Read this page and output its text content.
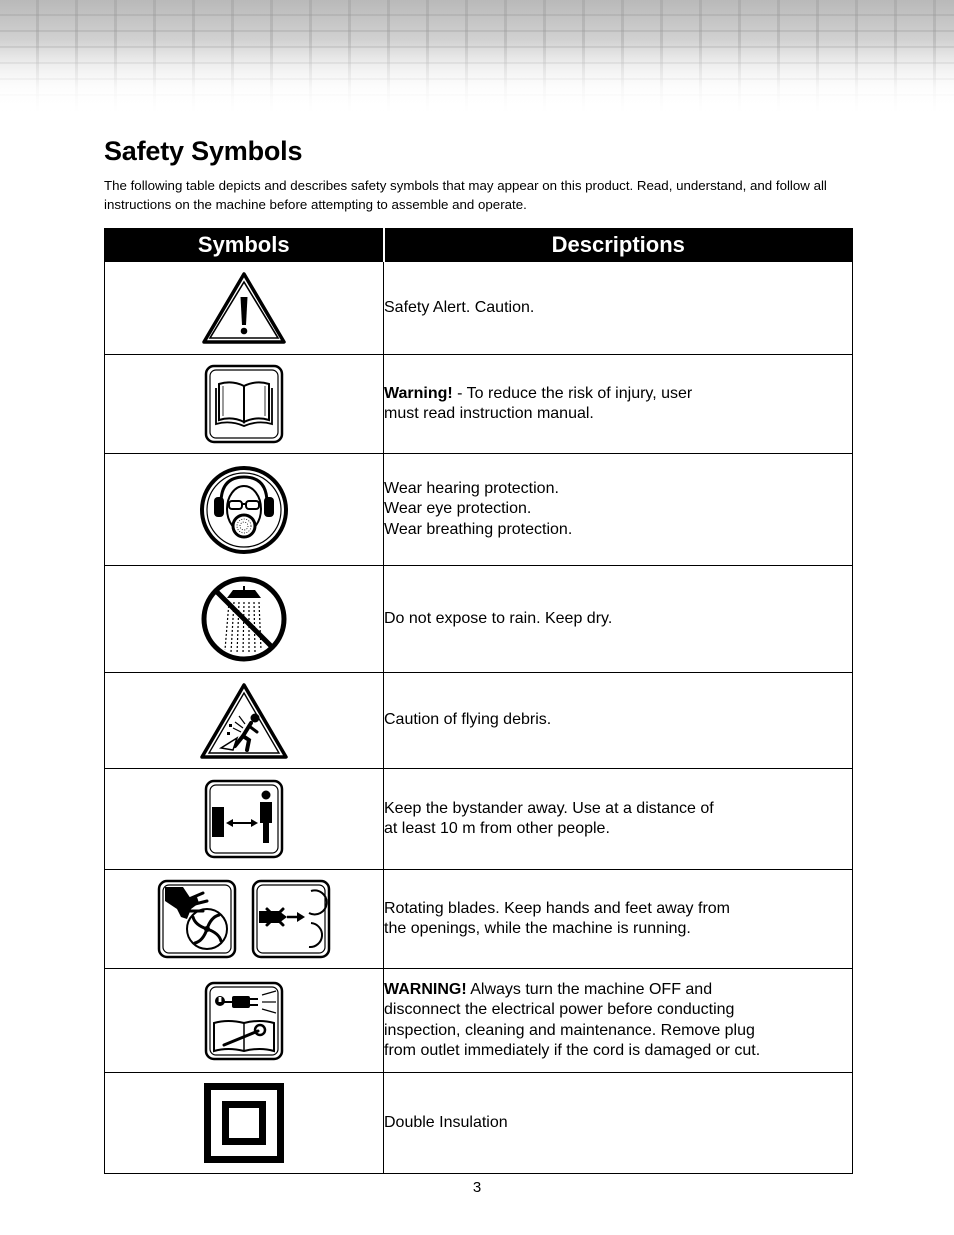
Safety Symbols

The following table depicts and describes safety symbols that may appear on this product. Read, understand, and follow all instructions on the machine before attempting to assemble and operate.

Symbols	Descriptions

Safety Alert. Caution.

Warning! - To reduce the risk of injury, user
must read instruction manual.

Wear hearing protection.
Wear eye protection.
Wear breathing protection.

Do not expose to rain. Keep dry.

Caution of flying debris.

Keep the bystander away. Use at a distance of
at least 10 m from other people.

Rotating blades. Keep hands and feet away from
the openings, while the machine is running.

WARNING! Always turn the machine OFF and
disconnect the electrical power before conducting
inspection, cleaning and maintenance. Remove plug
from outlet immediately if the cord is damaged or cut.

Double Insulation
3
